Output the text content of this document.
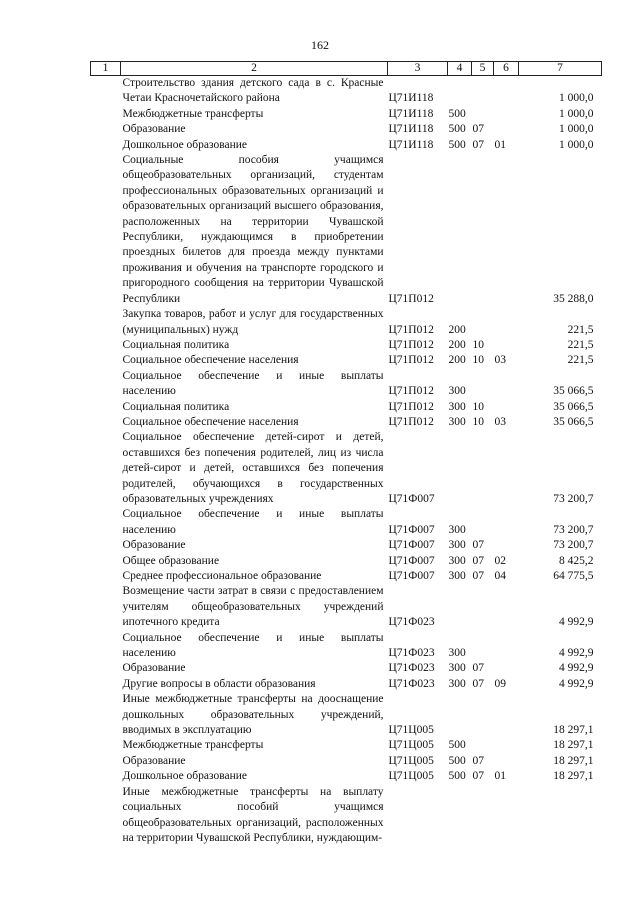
162
1	2	3	4	5	6	7
	Строительство здания детского сада в с. Красные Четаи Красночетайского района	Ц71И118				1 000,0
	Межбюджетные трансферты	Ц71И118	500			1 000,0
	Образование	Ц71И118	500	07		1 000,0
	Дошкольное образование	Ц71И118	500	07	01	1 000,0
	Социальные пособия учащимся общеобразовательных организаций, студентам профессиональных образовательных организаций и образовательных организаций высшего образования, расположенных на территории Чувашской Республики, нуждающимся в приобретении проездных билетов для проезда между пунктами проживания и обучения на транспорте городского и пригородного сообщения на территории Чувашской Республики	Ц71П012				35 288,0
	Закупка товаров, работ и услуг для государственных (муниципальных) нужд	Ц71П012	200			221,5
	Социальная политика	Ц71П012	200	10		221,5
	Социальное обеспечение населения	Ц71П012	200	10	03	221,5
	Социальное обеспечение и иные выплаты населению	Ц71П012	300			35 066,5
	Социальная политика	Ц71П012	300	10		35 066,5
	Социальное обеспечение населения	Ц71П012	300	10	03	35 066,5
	Социальное обеспечение детей-сирот и детей, оставшихся без попечения родителей, лиц из числа детей-сирот и детей, оставшихся без попечения родителей, обучающихся в государственных образовательных учреждениях	Ц71Ф007				73 200,7
	Социальное обеспечение и иные выплаты населению	Ц71Ф007	300			73 200,7
	Образование	Ц71Ф007	300	07		73 200,7
	Общее образование	Ц71Ф007	300	07	02	8 425,2
	Среднее профессиональное образование	Ц71Ф007	300	07	04	64 775,5
	Возмещение части затрат в связи с предоставлением учителям общеобразовательных учреждений ипотечного кредита	Ц71Ф023				4 992,9
	Социальное обеспечение и иные выплаты населению	Ц71Ф023	300			4 992,9
	Образование	Ц71Ф023	300	07		4 992,9
	Другие вопросы в области образования	Ц71Ф023	300	07	09	4 992,9
	Иные межбюджетные трансферты на дооснащение дошкольных образовательных учреждений, вводимых в эксплуатацию	Ц71Ц005				18 297,1
	Межбюджетные трансферты	Ц71Ц005	500			18 297,1
	Образование	Ц71Ц005	500	07		18 297,1
	Дошкольное образование	Ц71Ц005	500	07	01	18 297,1
	Иные межбюджетные трансферты на выплату социальных пособий учащимся общеобразовательных организаций, расположенных на территории Чувашской Республики, нуждающим-					
